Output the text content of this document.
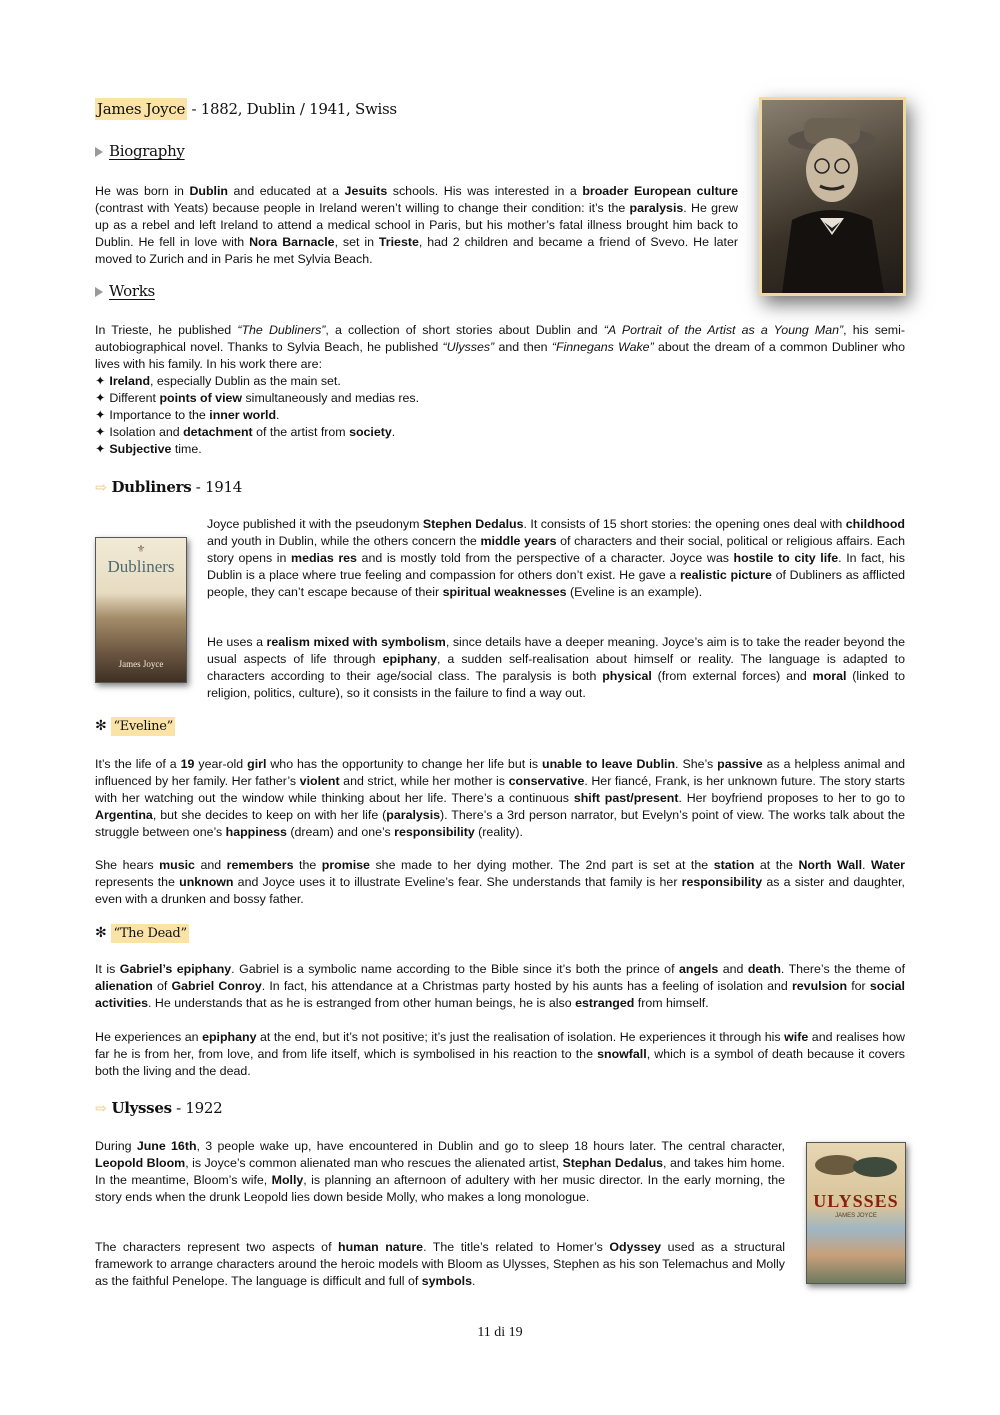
James Joyce - 1882, Dublin / 1941, Swiss
Biography
He was born in Dublin and educated at a Jesuits schools. His was interested in a broader European culture (contrast with Yeats) because people in Ireland weren’t willing to change their condition: it’s the paralysis. He grew up as a rebel and left Ireland to attend a medical school in Paris, but his mother’s fatal illness brought him back to Dublin. He fell in love with Nora Barnacle, set in Trieste, had 2 children and became a friend of Svevo. He later moved to Zurich and in Paris he met Sylvia Beach.
Works
In Trieste, he published “The Dubliners”, a collection of short stories about Dublin and “A Portrait of the Artist as a Young Man”, his semi-autobiographical novel. Thanks to Sylvia Beach, he published “Ulysses” and then “Finnegans Wake” about the dream of a common Dubliner who lives with his family. In his work there are:
✦ Ireland, especially Dublin as the main set.
✦ Different points of view simultaneously and medias res.
✦ Importance to the inner world.
✦ Isolation and detachment of the artist from society.
✦ Subjective time.
⇨ Dubliners - 1914
⚜
Dubliners
James Joyce
Joyce published it with the pseudonym Stephen Dedalus. It consists of 15 short stories: the opening ones deal with childhood and youth in Dublin, while the others concern the middle years of characters and their social, political or religious affairs. Each story opens in medias res and is mostly told from the perspective of a character. Joyce was hostile to city life. In fact, his Dublin is a place where true feeling and compassion for others don’t exist. He gave a realistic picture of Dubliners as afflicted people, they can’t escape because of their spiritual weaknesses (Eveline is an example).
He uses a realism mixed with symbolism, since details have a deeper meaning. Joyce’s aim is to take the reader beyond the usual aspects of life through epiphany, a sudden self-realisation about himself or reality. The language is adapted to characters according to their age/social class. The paralysis is both physical (from external forces) and moral (linked to religion, politics, culture), so it consists in the failure to find a way out.
✻ “Eveline”
It’s the life of a 19 year-old girl who has the opportunity to change her life but is unable to leave Dublin. She’s passive as a helpless animal and influenced by her family. Her father’s violent and strict, while her mother is conservative. Her fiancé, Frank, is her unknown future. The story starts with her watching out the window while thinking about her life. There’s a continuous shift past/present. Her boyfriend proposes to her to go to Argentina, but she decides to keep on with her life (paralysis). There’s a 3rd person narrator, but Evelyn’s point of view. The works talk about the struggle between one’s happiness (dream) and one’s responsibility (reality).
She hears music and remembers the promise she made to her dying mother. The 2nd part is set at the station at the North Wall. Water represents the unknown and Joyce uses it to illustrate Eveline’s fear. She understands that family is her responsibility as a sister and daughter, even with a drunken and bossy father.
✻ “The Dead”
It is Gabriel’s epiphany. Gabriel is a symbolic name according to the Bible since it’s both the prince of angels and death. There’s the theme of alienation of Gabriel Conroy. In fact, his attendance at a Christmas party hosted by his aunts has a feeling of isolation and revulsion for social activities. He understands that as he is estranged from other human beings, he is also estranged from himself.
He experiences an epiphany at the end, but it’s not positive; it’s just the realisation of isolation. He experiences it through his wife and realises how far he is from her, from love, and from life itself, which is symbolised in his reaction to the snowfall, which is a symbol of death because it covers both the living and the dead.
⇨ Ulysses - 1922
During June 16th, 3 people wake up, have encountered in Dublin and go to sleep 18 hours later. The central character, Leopold Bloom, is Joyce’s common alienated man who rescues the alienated artist, Stephan Dedalus, and takes him home. In the meantime, Bloom’s wife, Molly, is planning an afternoon of adultery with her music director. In the early morning, the story ends when the drunk Leopold lies down beside Molly, who makes a long monologue.
The characters represent two aspects of human nature. The title’s related to Homer’s Odyssey used as a structural framework to arrange characters around the heroic models with Bloom as Ulysses, Stephen as his son Telemachus and Molly as the faithful Penelope. The language is difficult and full of symbols.
ULYSSES
JAMES JOYCE
11 di 19
